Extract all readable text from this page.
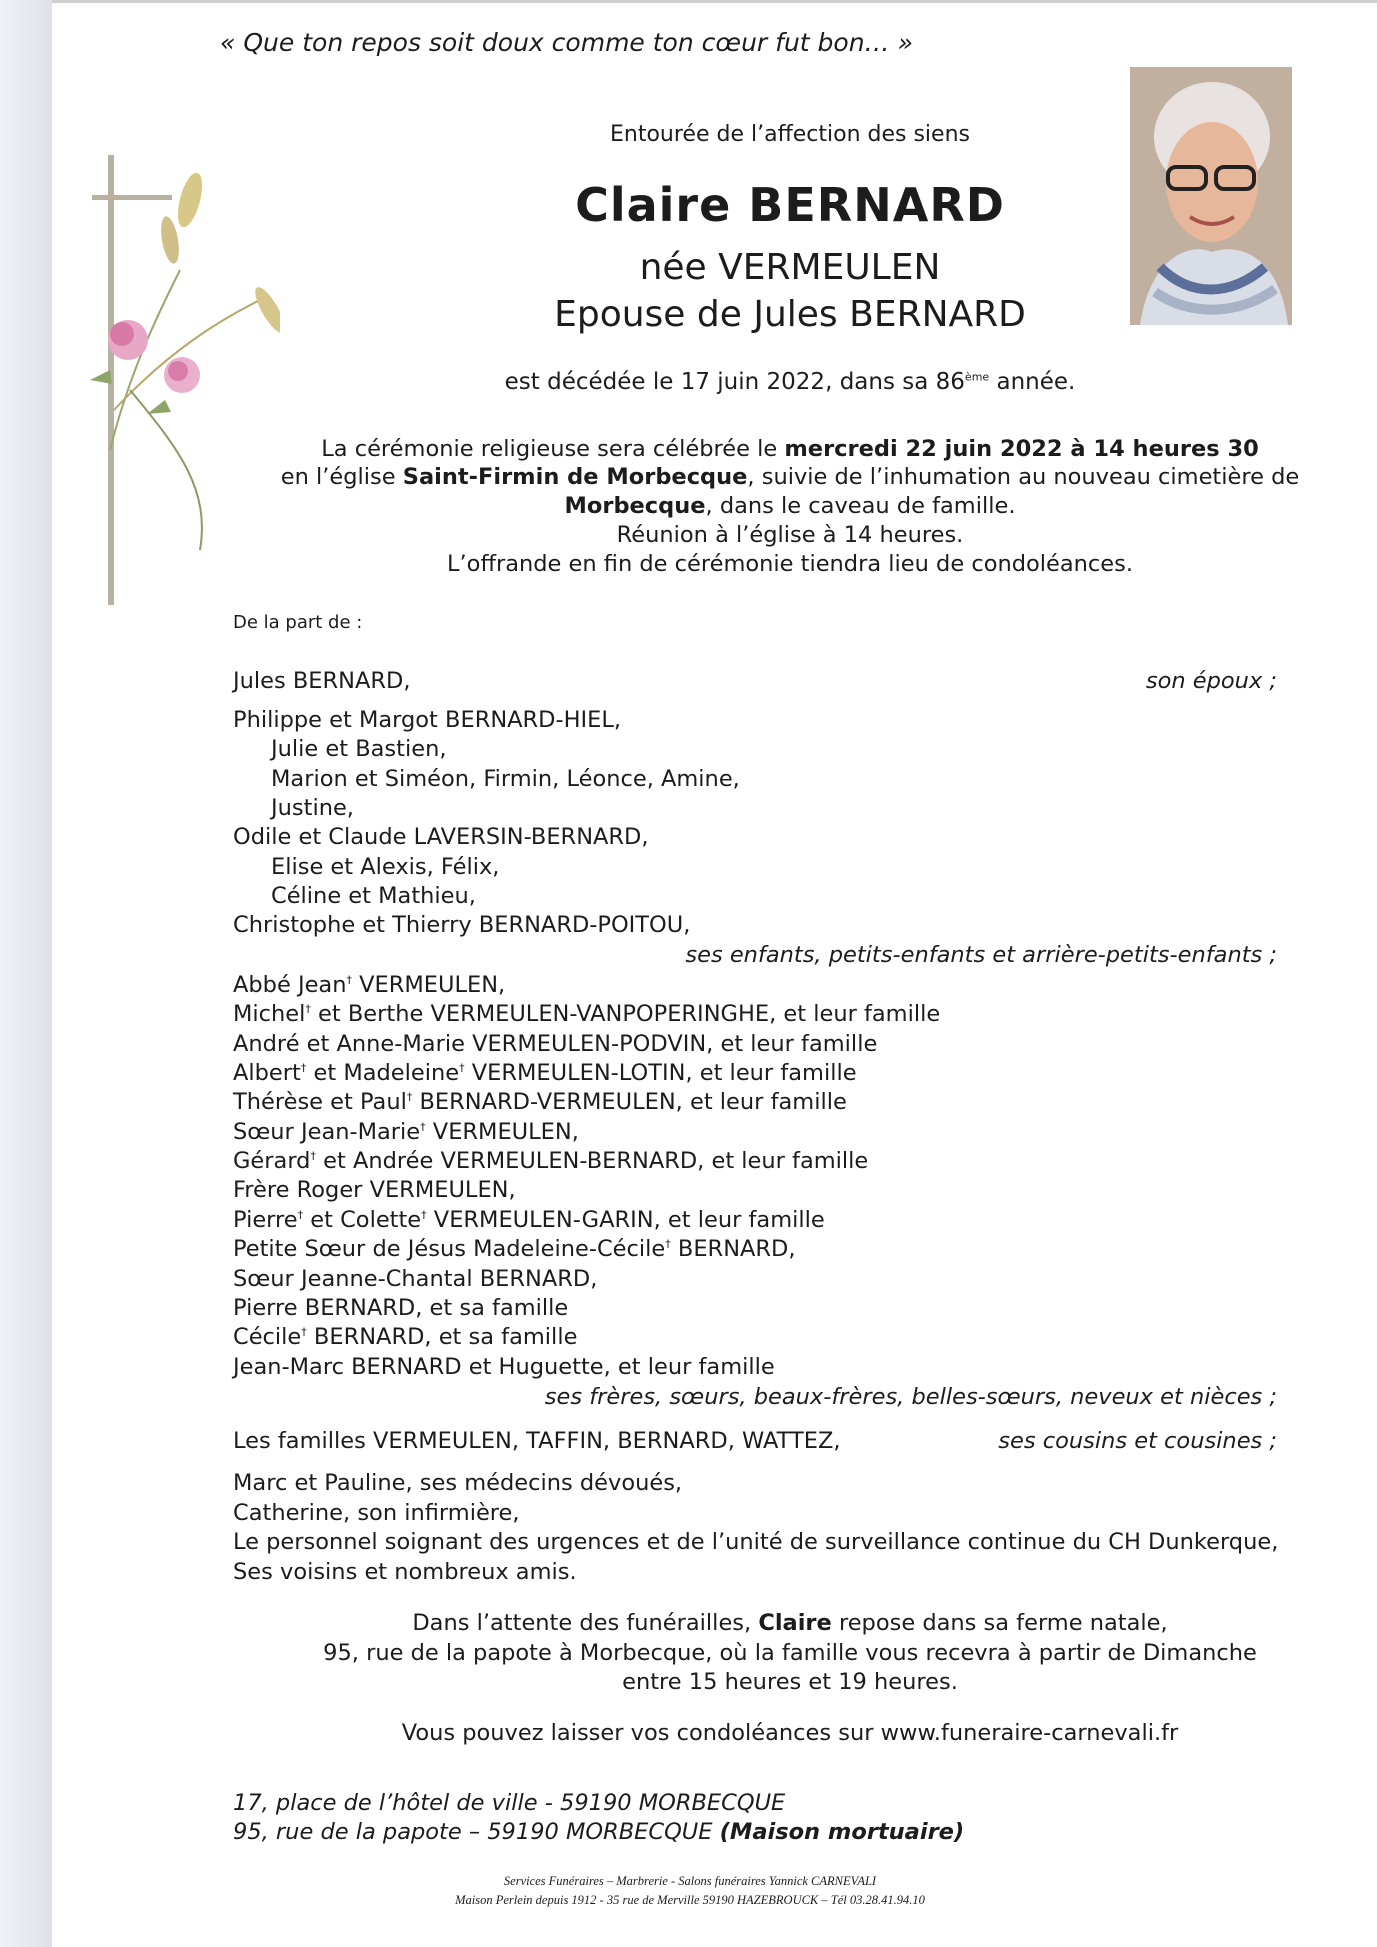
« Que ton repos soit doux comme ton cœur fut bon… »
Entourée de l’affection des siens
Claire BERNARD
née VERMEULEN
Epouse de Jules BERNARD
est décédée le 17 juin 2022, dans sa 86ème année.
La cérémonie religieuse sera célébrée le mercredi 22 juin 2022 à 14 heures 30
en l’église Saint-Firmin de Morbecque, suivie de l’inhumation au nouveau cimetière de
Morbecque, dans le caveau de famille.
Réunion à l’église à 14 heures.
L’offrande en fin de cérémonie tiendra lieu de condoléances.
De la part de :
Jules BERNARD,	son époux ;
Philippe et Margot BERNARD-HIEL,
Julie et Bastien,
Marion et Siméon, Firmin, Léonce, Amine,
Justine,
Odile et Claude LAVERSIN-BERNARD,
Elise et Alexis, Félix,
Céline et Mathieu,
Christophe et Thierry BERNARD-POITOU,
ses enfants, petits-enfants et arrière-petits-enfants ;
Abbé Jean† VERMEULEN,
Michel† et Berthe VERMEULEN-VANPOPERINGHE, et leur famille
André et Anne-Marie VERMEULEN-PODVIN, et leur famille
Albert† et Madeleine† VERMEULEN-LOTIN, et leur famille
Thérèse et Paul† BERNARD-VERMEULEN, et leur famille
Sœur Jean-Marie† VERMEULEN,
Gérard† et Andrée VERMEULEN-BERNARD, et leur famille
Frère Roger VERMEULEN,
Pierre† et Colette† VERMEULEN-GARIN, et leur famille
Petite Sœur de Jésus Madeleine-Cécile† BERNARD,
Sœur Jeanne-Chantal BERNARD,
Pierre BERNARD, et sa famille
Cécile† BERNARD, et sa famille
Jean-Marc BERNARD et Huguette, et leur famille
ses frères, sœurs, beaux-frères, belles-sœurs, neveux et nièces ;
Les familles VERMEULEN, TAFFIN, BERNARD, WATTEZ,	ses cousins et cousines ;
Marc et Pauline, ses médecins dévoués,
Catherine, son infirmière,
Le personnel soignant des urgences et de l’unité de surveillance continue du CH Dunkerque,
Ses voisins et nombreux amis.
Dans l’attente des funérailles, Claire repose dans sa ferme natale,
95, rue de la papote à Morbecque, où la famille vous recevra à partir de Dimanche
entre 15 heures et 19 heures.
Vous pouvez laisser vos condoléances sur www.funeraire-carnevali.fr
17, place de l’hôtel de ville - 59190 MORBECQUE
95, rue de la papote – 59190 MORBECQUE (Maison mortuaire)
Services Funéraires – Marbrerie - Salons funéraires Yannick CARNEVALI
Maison Perlein depuis 1912 - 35 rue de Merville 59190 HAZEBROUCK – Tél 03.28.41.94.10
